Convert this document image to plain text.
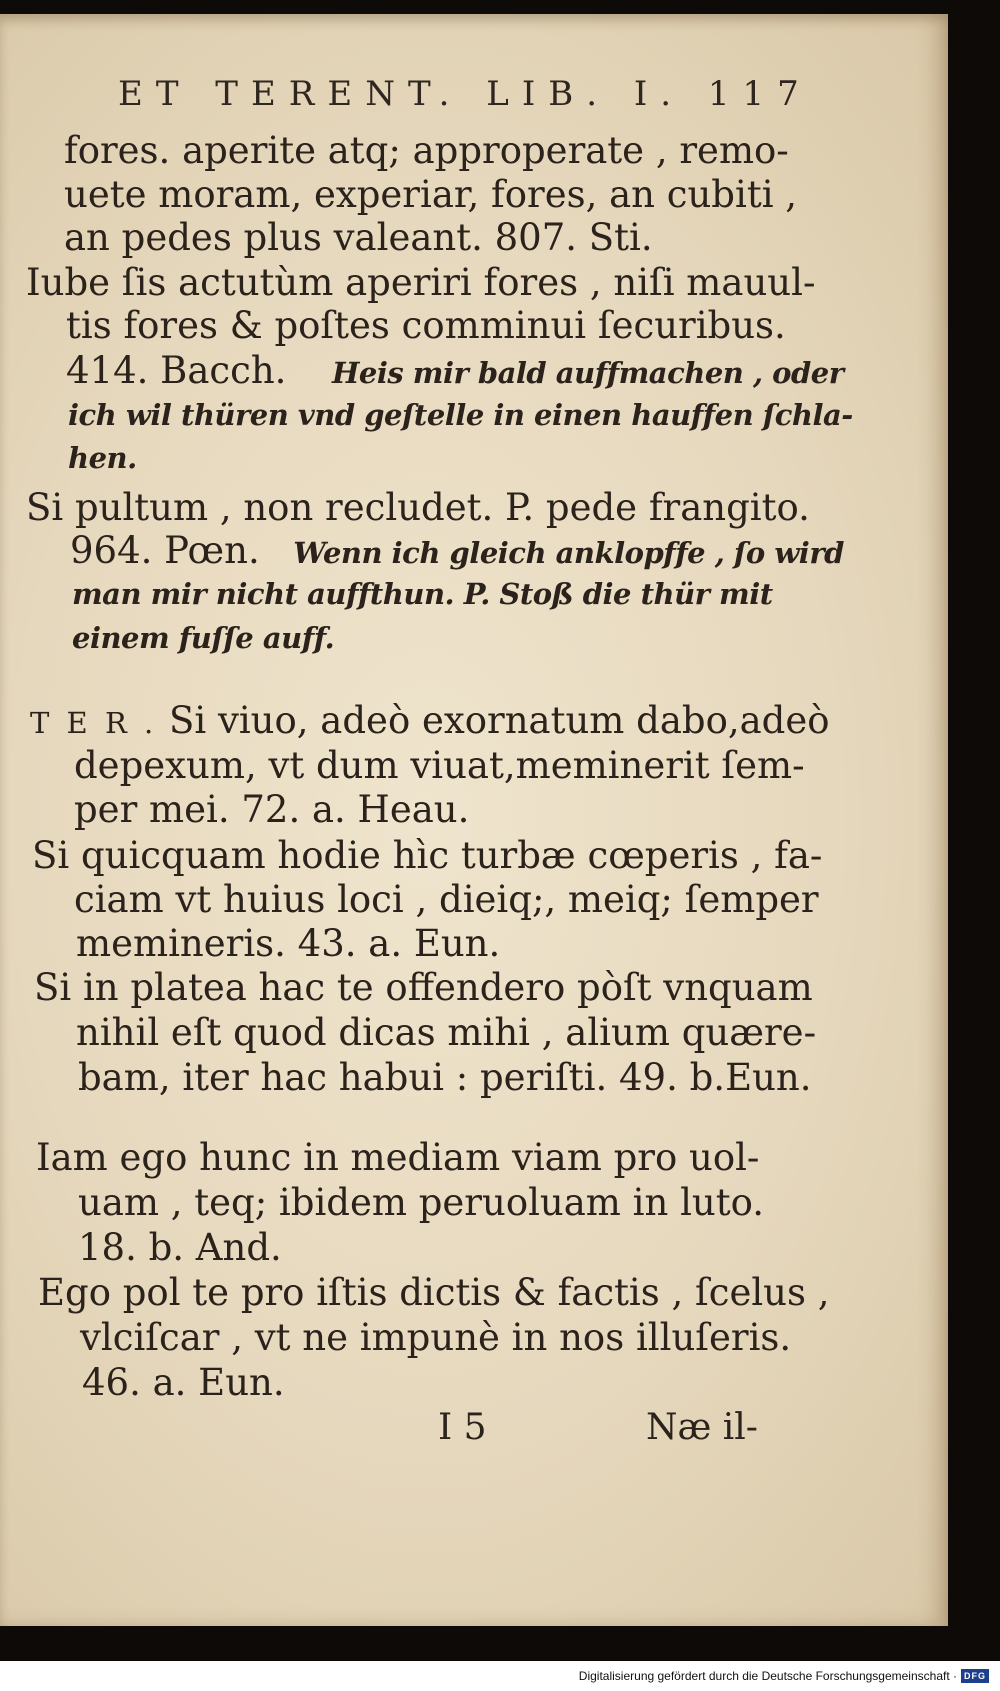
ET TERENT. LIB. I. 117
fores. aperite atq; approperate , remo-
uete moram, experiar, fores, an cubiti ,
an pedes plus valeant. 807. Sti.
Iube ſis actutùm aperiri fores , niſi mauul-
tis fores & poſtes comminui ſecuribus.
414. Bacch. Heis mir bald auffmachen , oder
ich wil thüren vnd geſtelle in einen hauffen ſchla-
hen.
Si pultum , non recludet. P. pede frangito.
964. Pœn. Wenn ich gleich anklopffe , ſo wird
man mir nicht auffthun. P. Stoß die thür mit
einem fuſſe auff.
T E R . Si viuo, adeò exornatum dabo,adeò
depexum, vt dum viuat,meminerit ſem-
per mei. 72. a. Heau.
Si quicquam hodie hìc turbæ cœperis , fa-
ciam vt huius loci , dieiq;, meiq; ſemper
memineris. 43. a. Eun.
Si in platea hac te offendero pòſt vnquam
nihil eſt quod dicas mihi , alium quære-
bam, iter hac habui : periſti. 49. b.Eun.
Iam ego hunc in mediam viam pro uol-
uam , teq; ibidem peruoluam in luto.
18. b. And.
Ego pol te pro iſtis dictis & factis , ſcelus ,
vlciſcar , vt ne impunè in nos illuſeris.
46. a. Eun.
I 5	Næ il-
Digitalisierung gefördert durch die Deutsche Forschungsgemeinschaft · DFG
